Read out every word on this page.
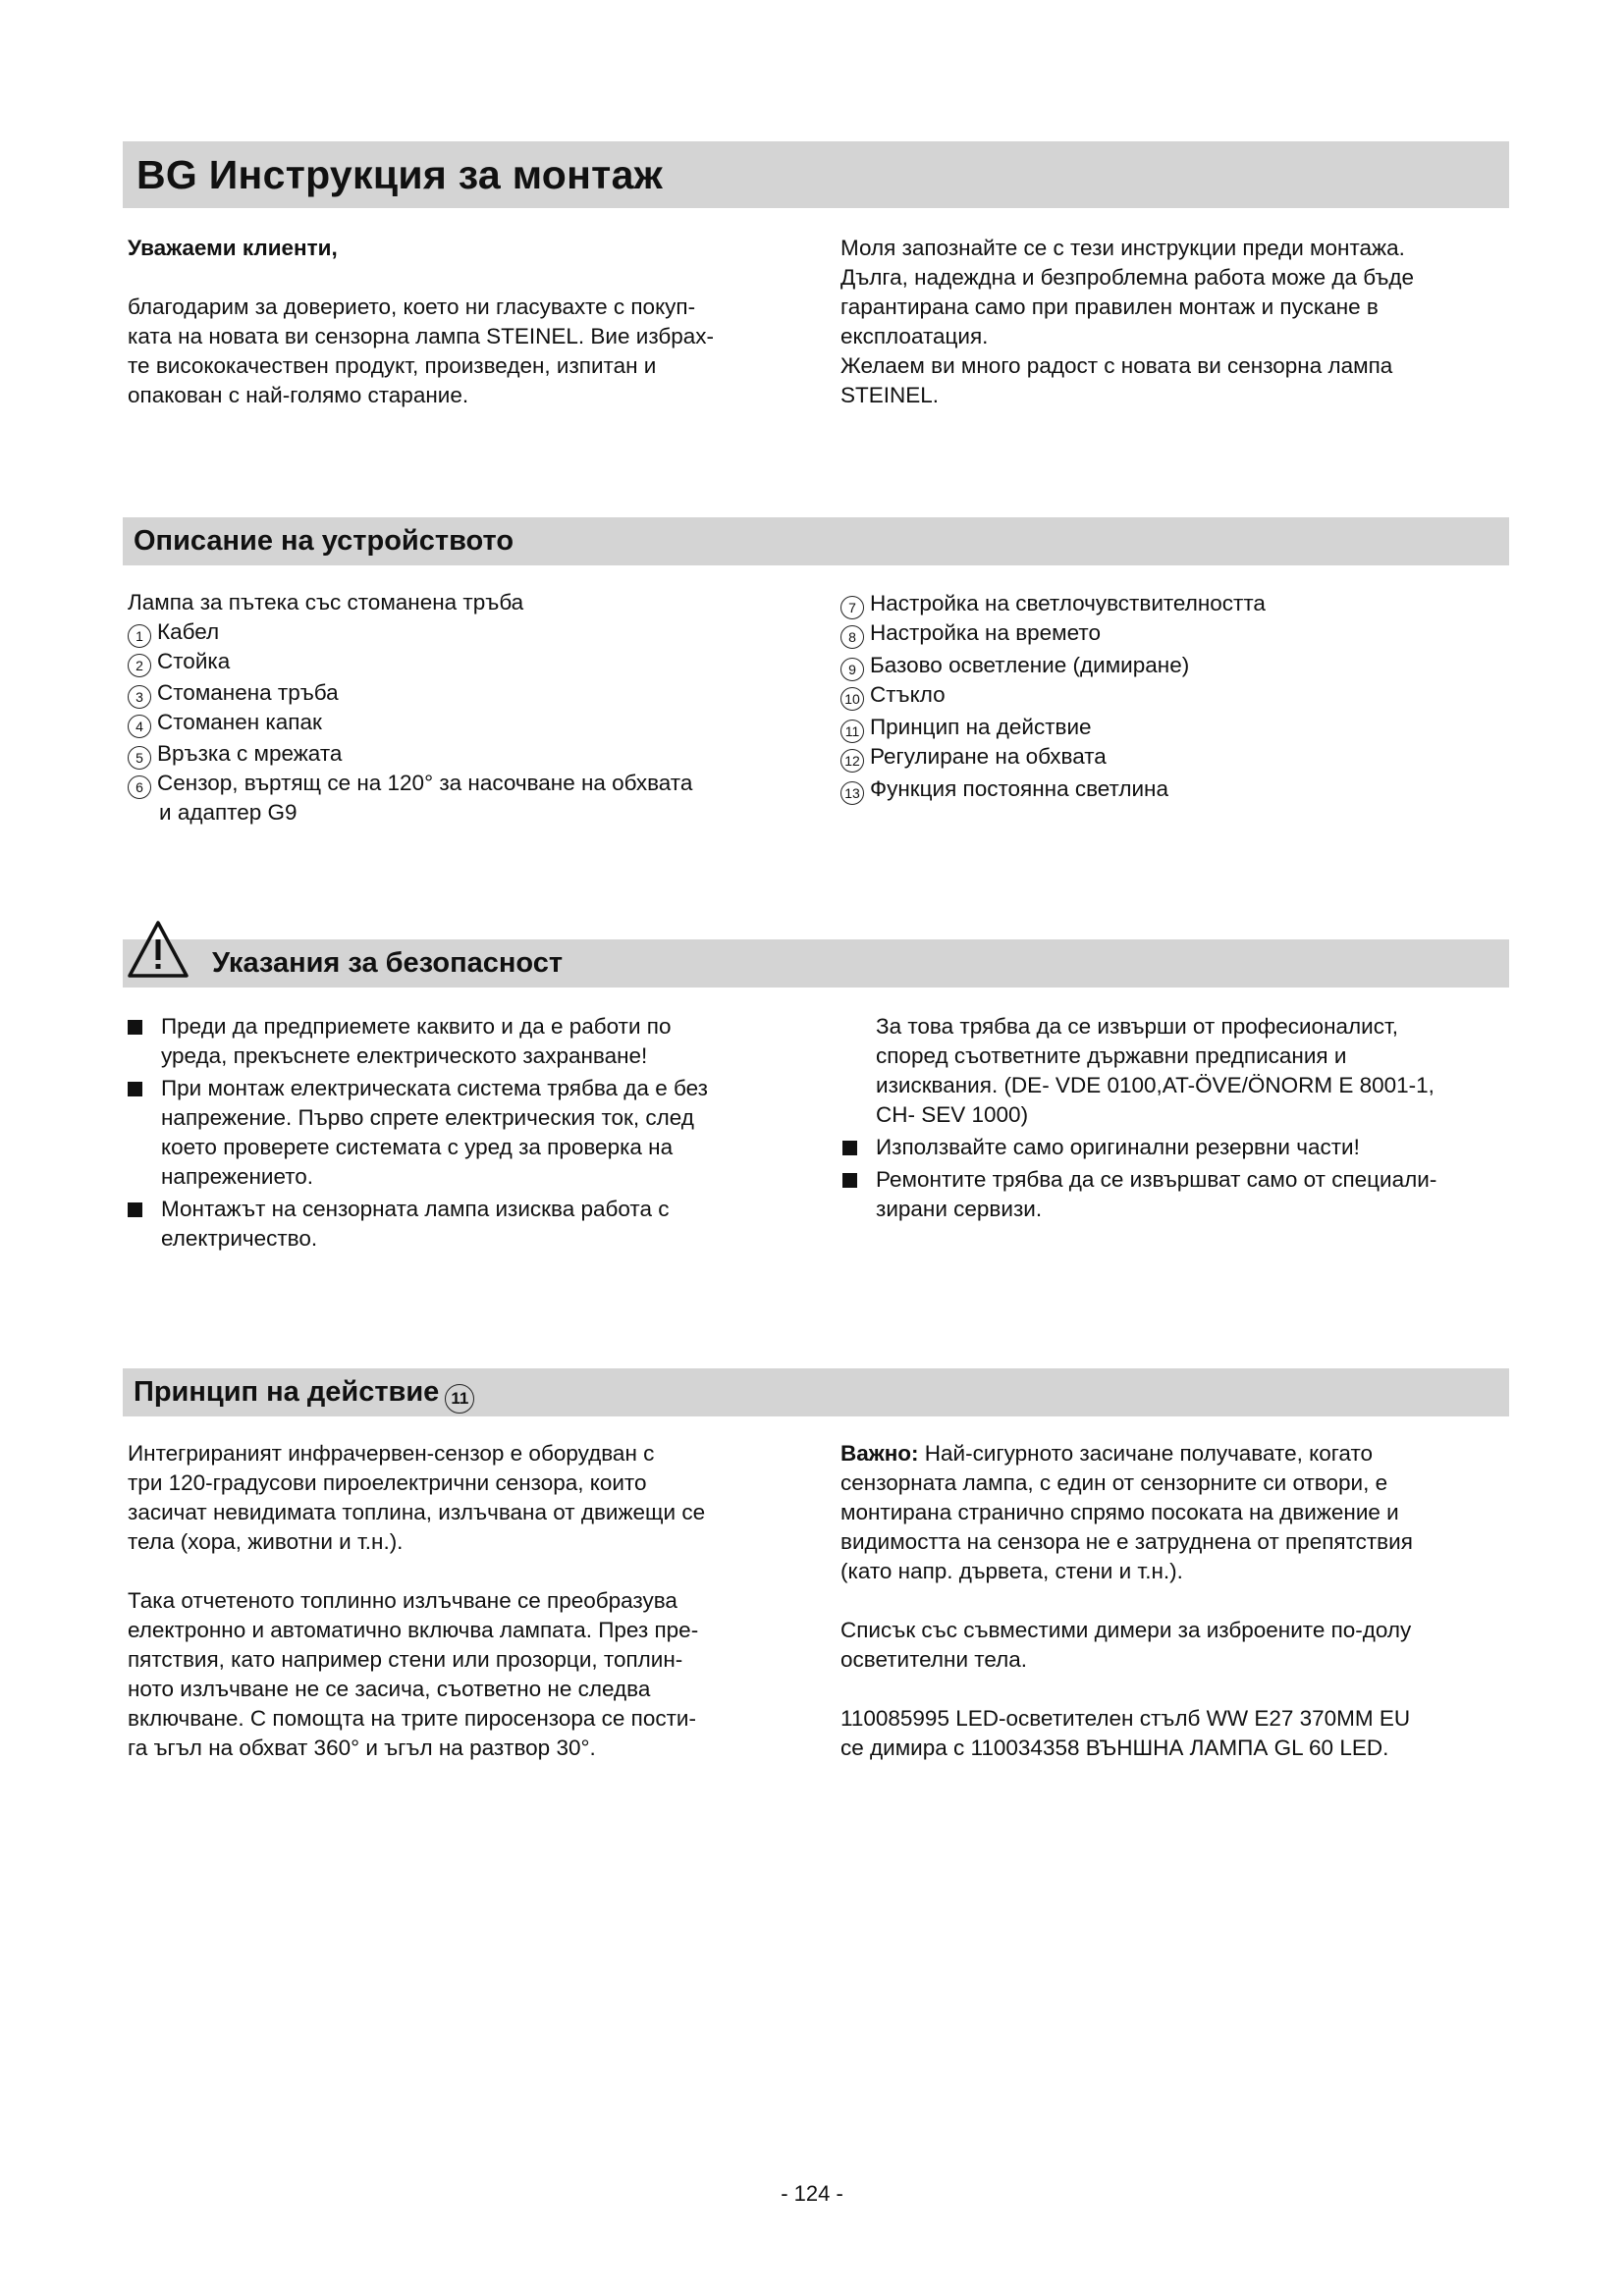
BG Инструкция за монтаж
Уважаеми клиенти,
благодарим за доверието, което ни гласувахте с покуп-
ката на новата ви сензорна лампа STEINEL. Вие избрах-
те висококачествен продукт, произведен, изпитан и
опакован с най-голямо старание.
Моля запознайте се с тези инструкции преди монтажа.
Дълга, надеждна и безпроблемна работа може да бъде
гарантирана само при правилен монтаж и пускане в
експлоатация.
Желаем ви много радост с новата ви сензорна лампа
STEINEL.
Описание на устройството
Лампа за пътека със стоманена тръба
1 Кабел
2 Стойка
3 Стоманена тръба
4 Стоманен капак
5 Връзка с мрежата
6 Сензор, въртящ се на 120° за насочване на обхвата
и адаптер G9
7 Настройка на светлочувствителността
8 Настройка на времето
9 Базово осветление (димиране)
10 Стъкло
11 Принцип на действие
12 Регулиране на обхвата
13 Функция постоянна светлина
Указания за безопасност
Преди да предприемете каквито и да е работи по
уреда, прекъснете електрическото захранване!
При монтаж електрическата система трябва да е без
напрежение. Първо спрете електрическия ток, след
което проверете системата с уред за проверка на
напрежението.
Монтажът на сензорната лампа изисква работа с
електричество.
За това трябва да се извърши от професионалист,
според съответните държавни предписания и
изисквания. (DE- VDE 0100,AT-ÖVE/ÖNORM E 8001-1,
CH- SEV 1000)
Използвайте само оригинални резервни части!
Ремонтите трябва да се извършват само от специали-
зирани сервизи.
Принцип на действие 11
Интегрираният инфрачервен-сензор е оборудван с
три 120-градусови пироелектрични сензора, които
засичат невидимата топлина, излъчвана от движещи се
тела (хора, животни и т.н.).
Така отчетеното топлинно излъчване се преобразува
електронно и автоматично включва лампата. През пре-
пятствия, като например стени или прозорци, топлин-
ното излъчване не се засича, съответно не следва
включване. С помощта на трите пиросензора се пости-
га ъгъл на обхват 360° и ъгъл на разтвор 30°.
Важно: Най-сигурното засичане получавате, когато
сензорната лампа, с един от сензорните си отвори, е
монтирана странично спрямо посоката на движение и
видимостта на сензора не е затруднена от препятствия
(като напр. дървета, стени и т.н.).
Списък със съвместими димери за изброените по-долу
осветителни тела.
110085995 LED-осветителен стълб WW E27 370MM EU
се димира с 110034358 ВЪНШНА ЛАМПА GL 60 LED.
- 124 -
